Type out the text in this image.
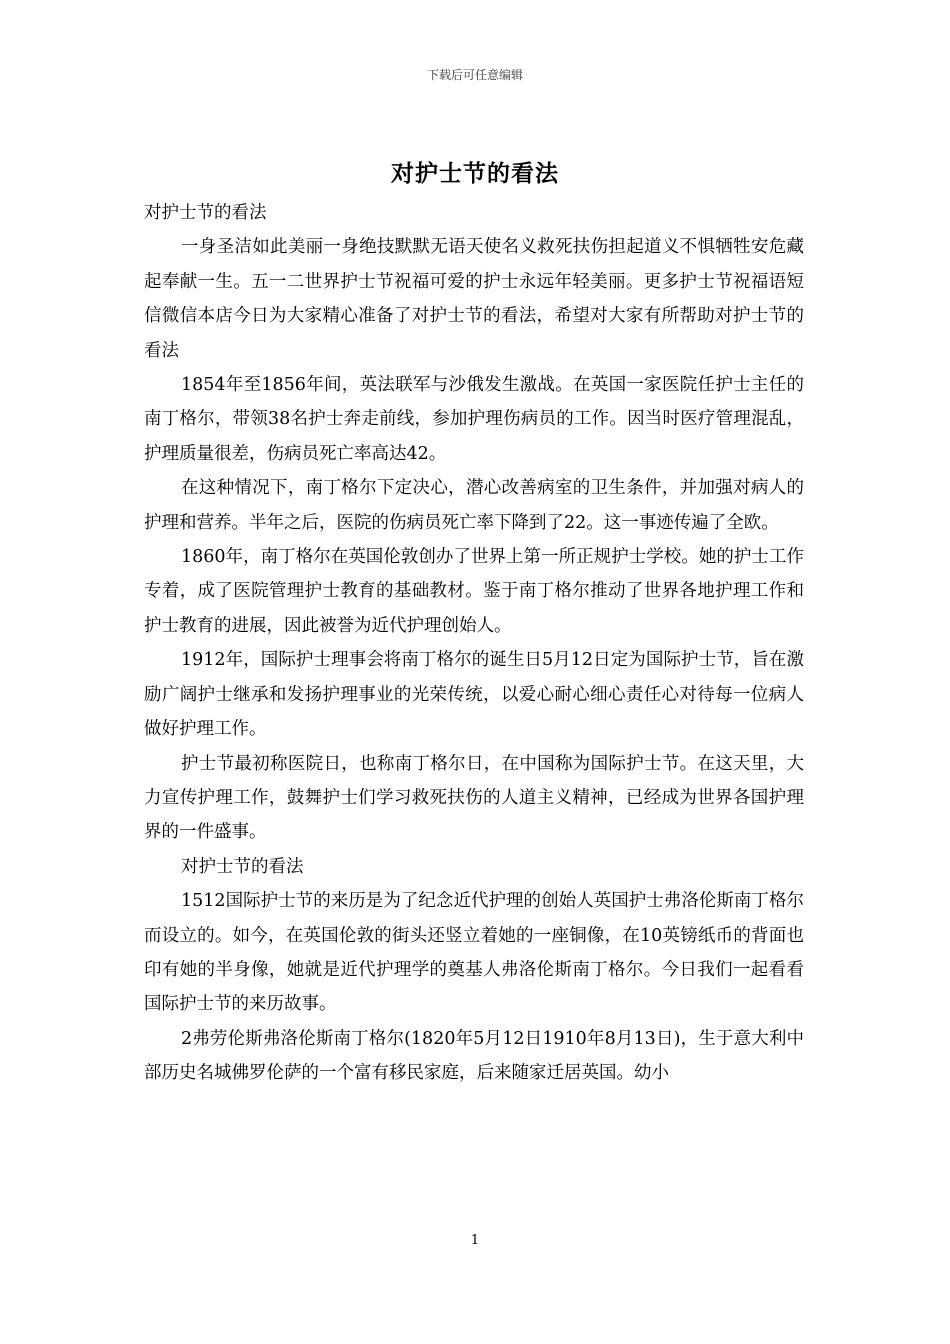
下载后可任意编辑
对护士节的看法

对护士节的看法

一身圣洁如此美丽一身绝技默默无语天使名义救死扶伤担起道义不惧牺牲安危藏起奉献一生。五一二世界护士节祝福可爱的护士永远年轻美丽。更多护士节祝福语短信微信本店今日为大家精心准备了对护士节的看法，希望对大家有所帮助对护士节的看法

1854年至1856年间，英法联军与沙俄发生激战。在英国一家医院任护士主任的南丁格尔，带领38名护士奔走前线，参加护理伤病员的工作。因当时医疗管理混乱，护理质量很差，伤病员死亡率高达42。

在这种情况下，南丁格尔下定决心，潜心改善病室的卫生条件，并加强对病人的护理和营养。半年之后，医院的伤病员死亡率下降到了22。这一事迹传遍了全欧。

1860年，南丁格尔在英国伦敦创办了世界上第一所正规护士学校。她的护士工作专着，成了医院管理护士教育的基础教材。鉴于南丁格尔推动了世界各地护理工作和护士教育的进展，因此被誉为近代护理创始人。

1912年，国际护士理事会将南丁格尔的诞生日5月12日定为国际护士节，旨在激励广阔护士继承和发扬护理事业的光荣传统，以爱心耐心细心责任心对待每一位病人做好护理工作。

护士节最初称医院日，也称南丁格尔日，在中国称为国际护士节。在这天里，大力宣传护理工作，鼓舞护士们学习救死扶伤的人道主义精神，已经成为世界各国护理界的一件盛事。

对护士节的看法

1512国际护士节的来历是为了纪念近代护理的创始人英国护士弗洛伦斯南丁格尔而设立的。如今，在英国伦敦的街头还竖立着她的一座铜像，在10英镑纸币的背面也印有她的半身像，她就是近代护理学的奠基人弗洛伦斯南丁格尔。今日我们一起看看国际护士节的来历故事。

2弗劳伦斯弗洛伦斯南丁格尔(1820年5月12日1910年8月13日)，生于意大利中部历史名城佛罗伦萨的一个富有移民家庭，后来随家迁居英国。幼小

1
